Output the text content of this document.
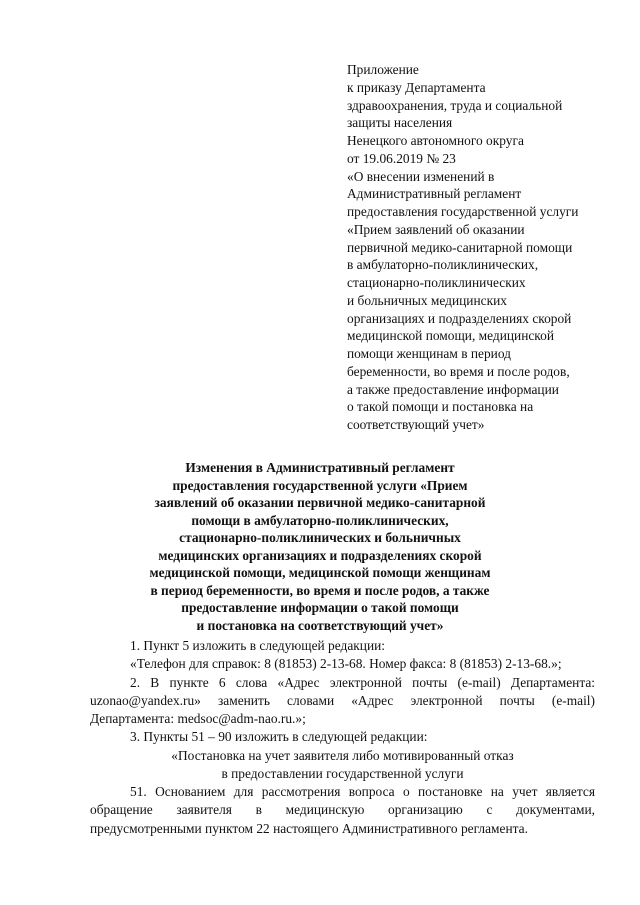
Приложение
к приказу Департамента
здравоохранения, труда и социальной
защиты населения
Ненецкого автономного округа
от 19.06.2019 № 23
«О внесении изменений в
Административный регламент
предоставления государственной услуги
«Прием заявлений об оказании
первичной медико-санитарной помощи
в амбулаторно-поликлинических,
стационарно-поликлинических
и больничных медицинских
организациях и подразделениях скорой
медицинской помощи, медицинской
помощи женщинам в период
беременности, во время и после родов,
а также предоставление информации
о такой помощи и постановка на
соответствующий учет»
Изменения в Административный регламент
предоставления государственной услуги «Прием
заявлений об оказании первичной медико-санитарной
помощи в амбулаторно-поликлинических,
стационарно-поликлинических и больничных
медицинских организациях и подразделениях скорой
медицинской помощи, медицинской помощи женщинам
в период беременности, во время и после родов, а также
предоставление информации о такой помощи
и постановка на соответствующий учет»
1. Пункт 5 изложить в следующей редакции:
«Телефон для справок: 8 (81853) 2-13-68. Номер факса: 8 (81853) 2-13-68.»;
2. В пункте 6 слова «Адрес электронной почты (e-mail) Департамента:
uzonao@yandex.ru» заменить словами «Адрес электронной почты (e-mail)
Департамента: medsoc@adm-nao.ru.»;
3. Пункты 51 – 90 изложить в следующей редакции:
«Постановка на учет заявителя либо мотивированный отказ
в предоставлении государственной услуги
51. Основанием для рассмотрения вопроса о постановке на учет является
обращение заявителя в медицинскую организацию с документами,
предусмотренными пунктом 22 настоящего Административного регламента.
